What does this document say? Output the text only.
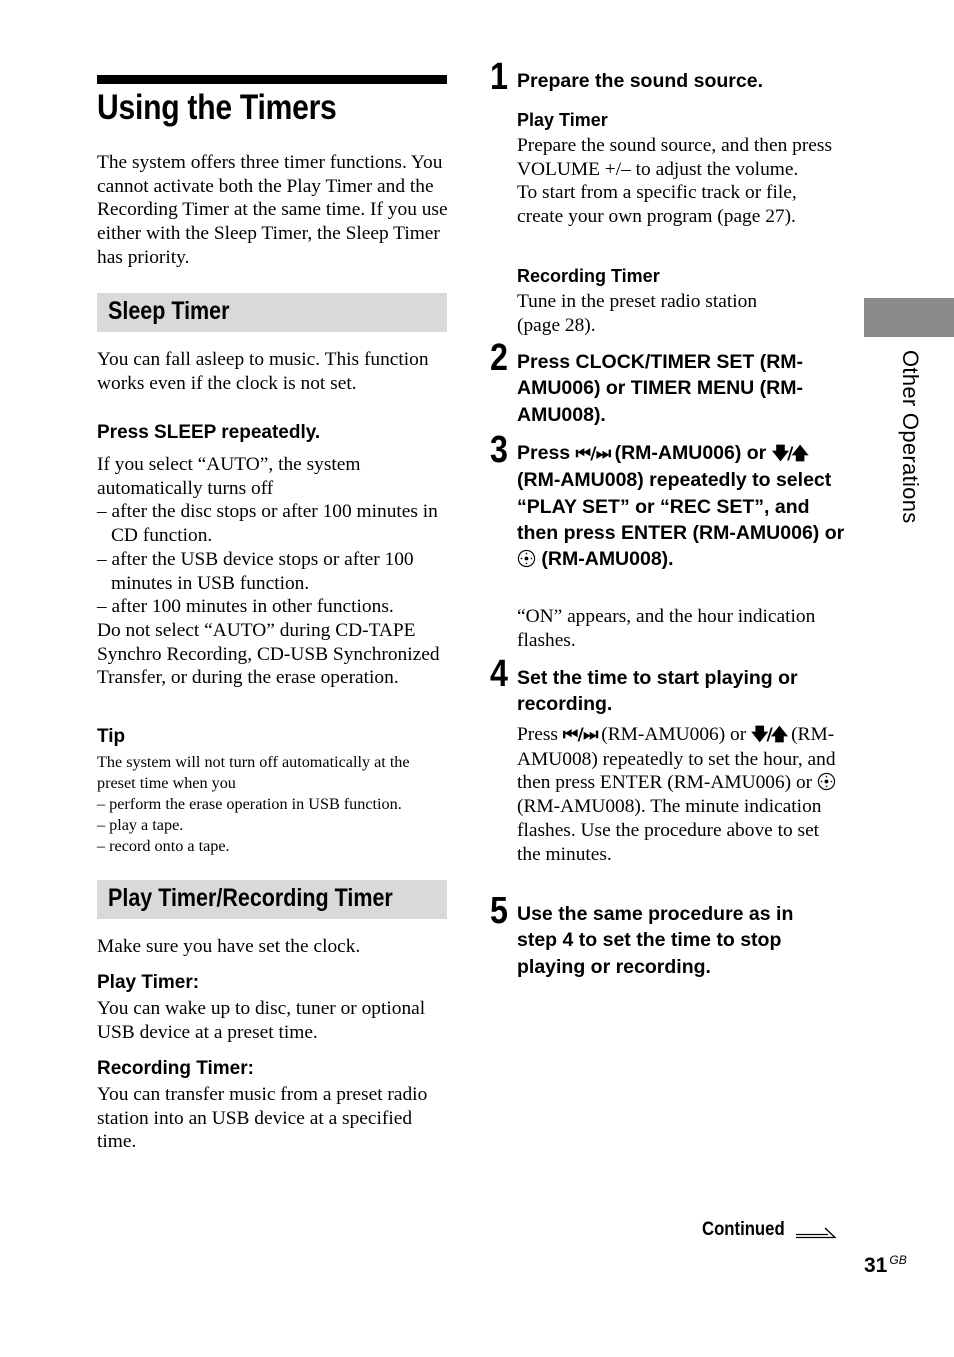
Using the Timers

The system offers three timer functions. You cannot activate both the Play Timer and the Recording Timer at the same time. If you use either with the Sleep Timer, the Sleep Timer has priority.

Sleep Timer

You can fall asleep to music. This function works even if the clock is not set.

Press SLEEP repeatedly.

If you select “AUTO”, the system automatically turns off

– after the disc stops or after 100 minutes in CD function.

– after the USB device stops or after 100 minutes in USB function.

– after 100 minutes in other functions.

Do not select “AUTO” during CD-TAPE Synchro Recording, CD-USB Synchronized Transfer, or during the erase operation.

Tip

The system will not turn off automatically at the preset time when you

– perform the erase operation in USB function.

– play a tape.

– record onto a tape.

Play Timer/Recording Timer

Make sure you have set the clock.

Play Timer:

You can wake up to disc, tuner or optional USB device at a preset time.

Recording Timer:

You can transfer music from a preset radio station into an USB device at a specified time.

1 Prepare the sound source.

Play Timer

Prepare the sound source, and then press VOLUME +/– to adjust the volume.

To start from a specific track or file, create your own program (page 27).

Recording Timer

Tune in the preset radio station (page 28).

2 Press CLOCK/TIMER SET (RM-AMU006) or TIMER MENU (RM-AMU008).

3 Press ⏮ / ⏭ (RM-AMU006) or 🡇/🡅 (RM-AMU008) repeatedly to select “PLAY SET” or “REC SET”, and then press ENTER (RM-AMU006) or  (RM-AMU008).

“ON” appears, and the hour indication flashes.

4 Set the time to start playing or recording.

Press ⏮ / ⏭ (RM-AMU006) or 🡇/🡅 (RM-AMU008) repeatedly to set the hour, and then press ENTER (RM-AMU006) or  (RM-AMU008). The minute indication flashes. Use the procedure above to set the minutes.

5 Use the same procedure as in step 4 to set the time to stop playing or recording.

Other Operations
Continued
31 $^{GB}$
